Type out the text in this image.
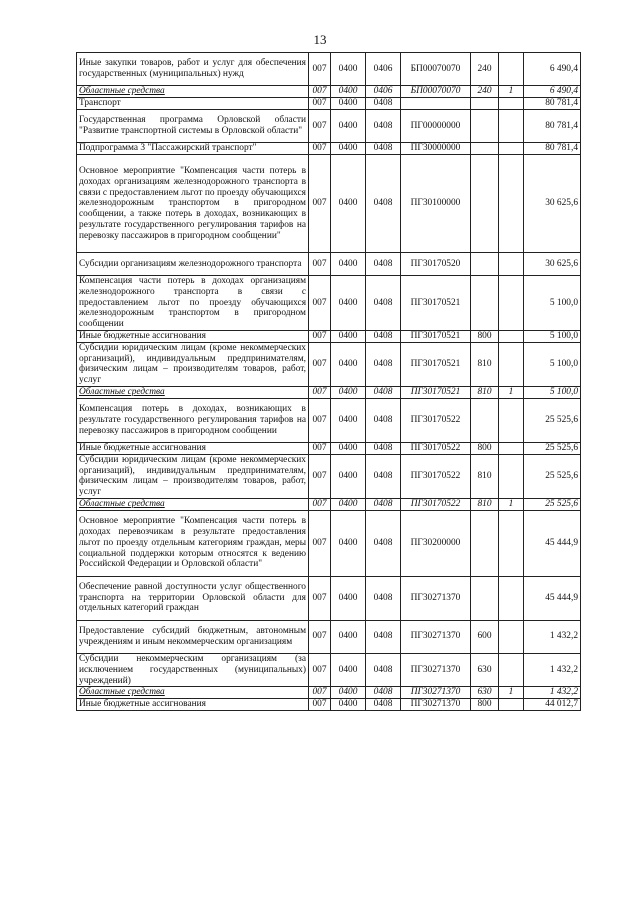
13
Иные закупки товаров, работ и услуг для обеспечения государственных (муниципальных) нужд	007	0400	0406	БП00070070	240		6 490,4
Областные средства	007	0400	0406	БП00070070	240	1	6 490,4
Транспорт	007	0400	0408				80 781,4
Государственная программа Орловской области "Развитие транспортной системы в Орловской области"	007	0400	0408	ПГ00000000			80 781,4
Подпрограмма 3 "Пассажирский транспорт"	007	0400	0408	ПГ30000000			80 781,4
Основное мероприятие "Компенсация части потерь в доходах организациям железнодорожного транспорта в связи с предоставлением льгот по проезду обучающихся железнодорожным транспортом в пригородном сообщении, а также потерь в доходах, возникающих в результате государственного регулирования тарифов на перевозку пассажиров в пригородном сообщении"	007	0400	0408	ПГ30100000			30 625,6
Субсидии организациям железнодорожного транспорта	007	0400	0408	ПГ30170520			30 625,6
Компенсация части потерь в доходах организациям железнодорожного транспорта в связи с предоставлением льгот по проезду обучающихся железнодорожным транспортом в пригородном сообщении	007	0400	0408	ПГ30170521			5 100,0
Иные бюджетные ассигнования	007	0400	0408	ПГ30170521	800		5 100,0
Субсидии юридическим лицам (кроме некоммерческих организаций), индивидуальным предпринимателям, физическим лицам – производителям товаров, работ, услуг	007	0400	0408	ПГ30170521	810		5 100,0
Областные средства	007	0400	0408	ПГ30170521	810	1	5 100,0
Компенсация потерь в доходах, возникающих в результате государственного регулирования тарифов на перевозку пассажиров в пригородном сообщении	007	0400	0408	ПГ30170522			25 525,6
Иные бюджетные ассигнования	007	0400	0408	ПГ30170522	800		25 525,6
Субсидии юридическим лицам (кроме некоммерческих организаций), индивидуальным предпринимателям, физическим лицам – производителям товаров, работ, услуг	007	0400	0408	ПГ30170522	810		25 525,6
Областные средства	007	0400	0408	ПГ30170522	810	1	25 525,6
Основное мероприятие "Компенсация части потерь в доходах перевозчикам в результате предоставления льгот по проезду отдельным категориям граждан, меры социальной поддержки которым относятся к ведению Российской Федерации и Орловской области"	007	0400	0408	ПГ30200000			45 444,9
Обеспечение равной доступности услуг общественного транспорта на территории Орловской области для отдельных категорий граждан	007	0400	0408	ПГ30271370			45 444,9
Предоставление субсидий бюджетным, автономным учреждениям и иным некоммерческим организациям	007	0400	0408	ПГ30271370	600		1 432,2
Субсидии некоммерческим организациям (за исключением государственных (муниципальных) учреждений)	007	0400	0408	ПГ30271370	630		1 432,2
Областные средства	007	0400	0408	ПГ30271370	630	1	1 432,2
Иные бюджетные ассигнования	007	0400	0408	ПГ30271370	800		44 012,7
